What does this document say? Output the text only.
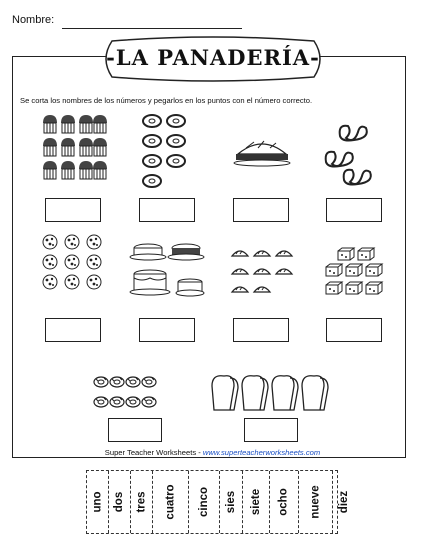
Nombre:
-LA PANADERÍA-
Se corta los nombres de los números y pegarlos en los puntos con el número correcto.
Super Teacher Worksheets - www.superteacherworksheets.com
uno dos tres cuatro cinco sies siete ocho nueve diez
